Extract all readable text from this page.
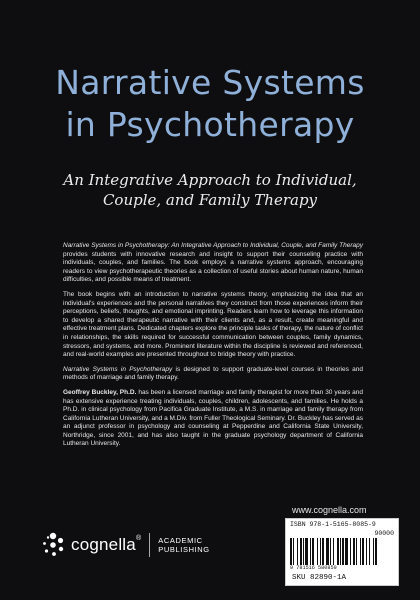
Narrative Systems
in Psychotherapy
An Integrative Approach to Individual,
Couple, and Family Therapy

Narrative Systems in Psychotherapy: An Integrative Approach to Individual, Couple, and Family Therapy provides students with innovative research and insight to support their counseling practice with individuals, couples, and families. The book employs a narrative systems approach, encouraging readers to view psychotherapeutic theories as a collection of useful stories about human nature, human difficulties, and possible means of treatment.

The book begins with an introduction to narrative systems theory, emphasizing the idea that an individual's experiences and the personal narratives they construct from those experiences inform their perceptions, beliefs, thoughts, and emotional imprinting. Readers learn how to leverage this information to develop a shared therapeutic narrative with their clients and, as a result, create meaningful and effective treatment plans. Dedicated chapters explore the principle tasks of therapy, the nature of conflict in relationships, the skills required for successful communication between couples, family dynamics, stressors, and systems, and more. Prominent literature within the discipline is reviewed and referenced, and real-world examples are presented throughout to bridge theory with practice.

Narrative Systems in Psychotherapy is designed to support graduate-level courses in theories and methods of marriage and family therapy.

Geoffrey Buckley, Ph.D. has been a licensed marriage and family therapist for more than 30 years and has extensive experience treating individuals, couples, children, adolescents, and families. He holds a Ph.D. in clinical psychology from Pacifica Graduate Institute, a M.S. in marriage and family therapy from California Lutheran University, and a M.Div. from Fuller Theological Seminary. Dr. Buckley has served as an adjunct professor in psychology and counseling at Pepperdine and California State University, Northridge, since 2001, and has also taught in the graduate psychology department of California Lutheran University.

www.cognella.com
cognella® ACADEMIC
PUBLISHING
ISBN 978-1-5165-8085-9
90000
9 781516 580859
SKU 82890-1A
